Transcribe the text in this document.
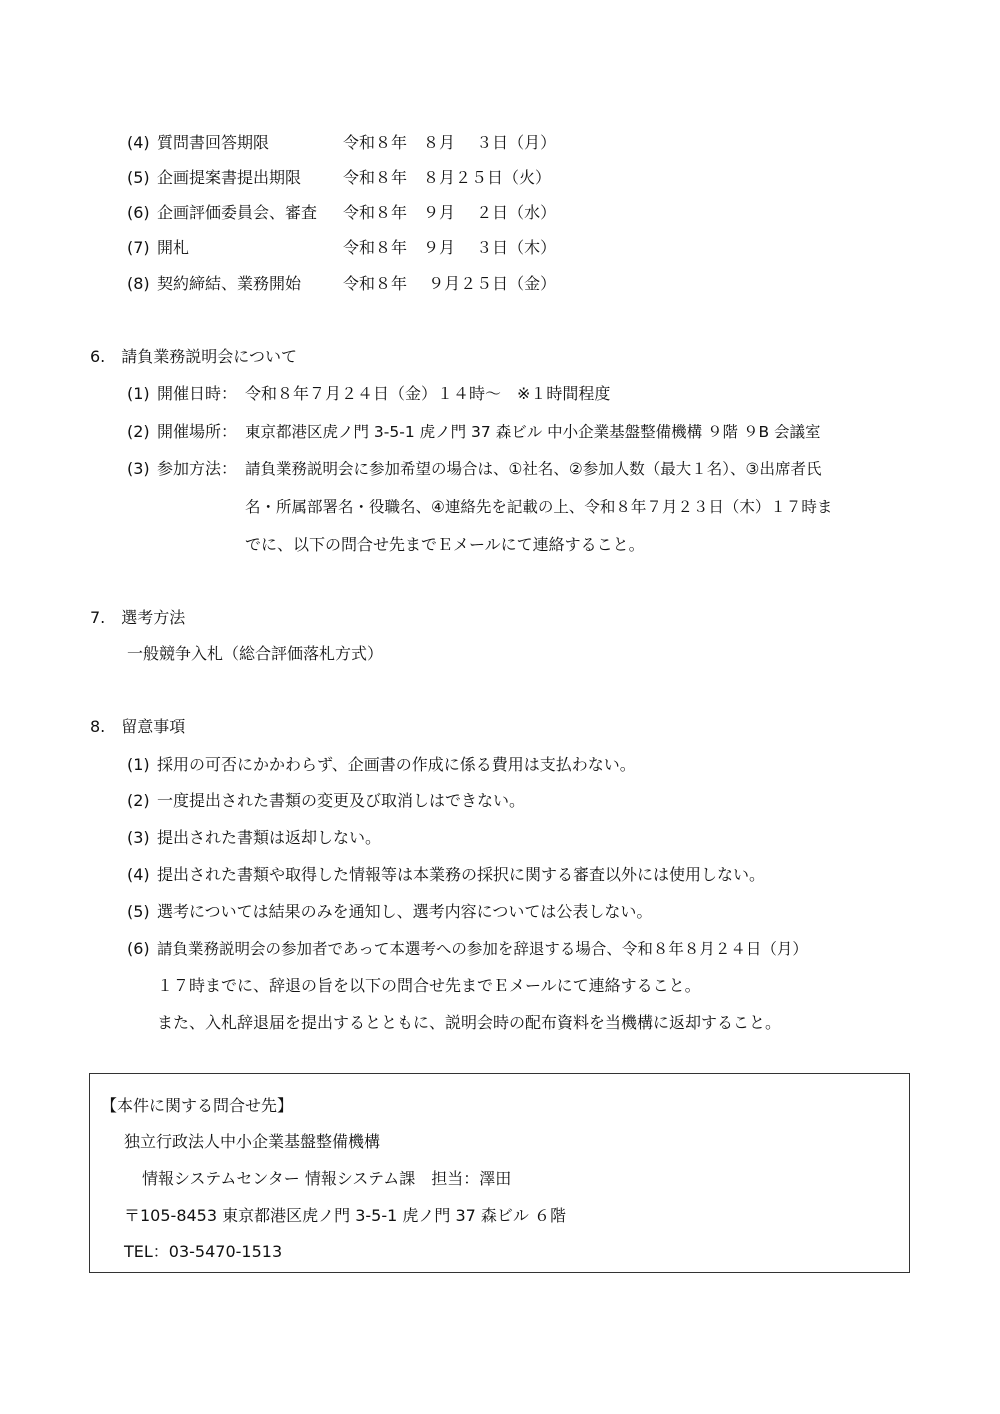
(4) 質問書回答期限	令和８年　８月　 ３日（月）
(5) 企画提案書提出期限	令和８年　８月２５日（火）
(6) 企画評価委員会、審査 令和８年　９月　 ２日（水）
(7) 開札	令和８年　９月　 ３日（木）
(8) 契約締結、業務開始	令和８年　 ９月２５日（金）
6.　請負業務説明会について
(1) 開催日時： 令和８年７月２４日（金）１４時～　※１時間程度
(2) 開催場所： 東京都港区虎ノ門 3-5-1 虎ノ門 37 森ビル 中小企業基盤整備機構 ９階 ９B 会議室
(3) 参加方法： 請負業務説明会に参加希望の場合は、①社名、②参加人数（最大１名）、③出席者氏
名・所属部署名・役職名、④連絡先を記載の上、令和８年７月２３日（木）１７時ま
でに、以下の問合せ先までＥメールにて連絡すること。
7.　選考方法
一般競争入札（総合評価落札方式）
8.　留意事項
(1) 採用の可否にかかわらず、企画書の作成に係る費用は支払わない。
(2) 一度提出された書類の変更及び取消しはできない。
(3) 提出された書類は返却しない。
(4) 提出された書類や取得した情報等は本業務の採択に関する審査以外には使用しない。
(5) 選考については結果のみを通知し、選考内容については公表しない。
(6) 請負業務説明会の参加者であって本選考への参加を辞退する場合、令和８年８月２４日（月）
１７時までに、辞退の旨を以下の問合せ先までＥメールにて連絡すること。
また、入札辞退届を提出するとともに、説明会時の配布資料を当機構に返却すること。
【本件に関する問合せ先】
独立行政法人中小企業基盤整備機構
情報システムセンター 情報システム課　担当：澤田
〒105-8453 東京都港区虎ノ門 3-5-1 虎ノ門 37 森ビル ６階
TEL：03-5470-1513
